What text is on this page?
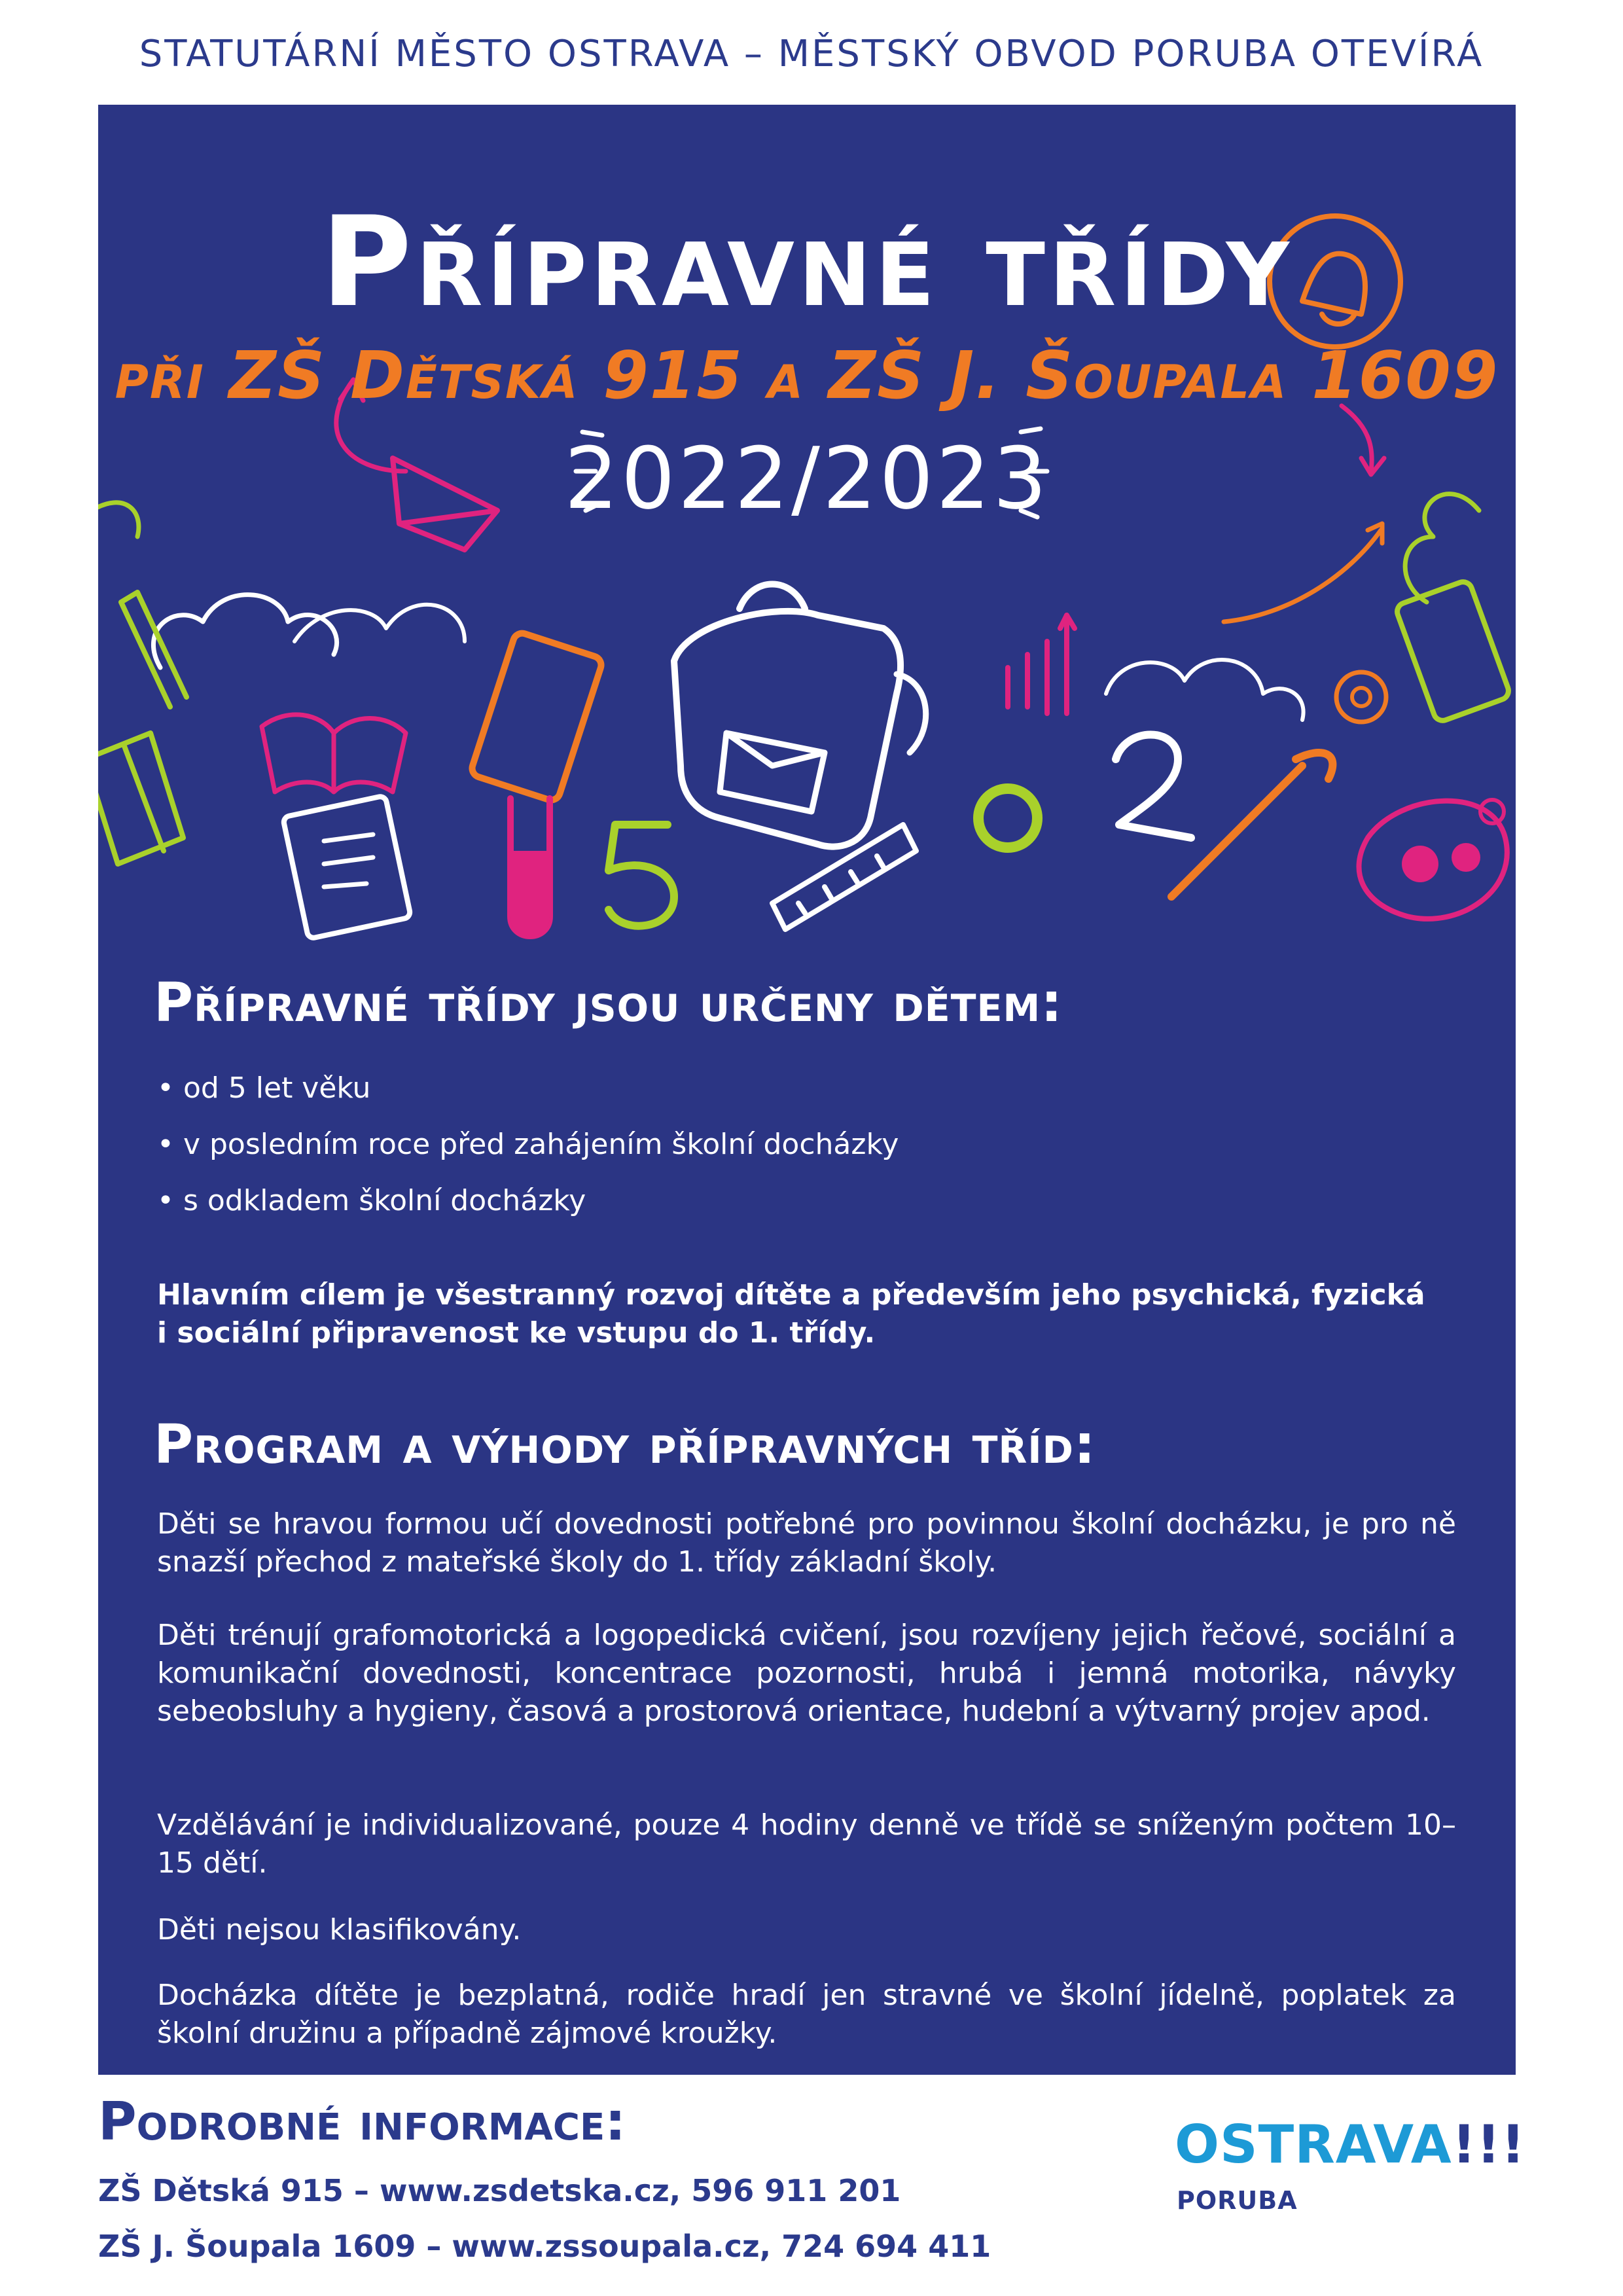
STATUTÁRNÍ MĚSTO OSTRAVA – MĚSTSKÝ OBVOD PORUBA OTEVÍRÁ
Přípravné třídy
při ZŠ Dětská 915 a ZŠ J. Šoupala 1609
2022/2023
Přípravné třídy jsou určeny dětem:
• od 5 let věku
• v posledním roce před zahájením školní docházky
• s odkladem školní docházky
Hlavním cílem je všestranný rozvoj dítěte a především jeho psychická, fyzická i sociální připravenost ke vstupu do 1. třídy.
Program a výhody přípravných tříd:

Děti se hravou formou učí dovednosti potřebné pro povinnou školní docházku, je pro ně snazší přechod z mateřské školy do 1. třídy základní školy.

Děti trénují grafomotorická a logopedická cvičení, jsou rozvíjeny jejich řečové, sociální a komunikační dovednosti, koncentrace pozornosti, hrubá i jemná motorika, návyky sebeobsluhy a hygieny, časová a prostorová orientace, hudební a výtvarný projev apod.

Vzdělávání je individualizované, pouze 4 hodiny denně ve třídě se sníženým počtem 10–15 dětí.

Děti nejsou klasifikovány.

Docházka dítěte je bezplatná, rodiče hradí jen stravné ve školní jídelně, poplatek za školní družinu a případně zájmové kroužky.

Podrobné informace:
ZŠ Dětská 915 – www.zsdetska.cz, 596 911 201
ZŠ J. Šoupala 1609 – www.zssoupala.cz, 724 694 411
OSTRAVA!!!
PORUBA
